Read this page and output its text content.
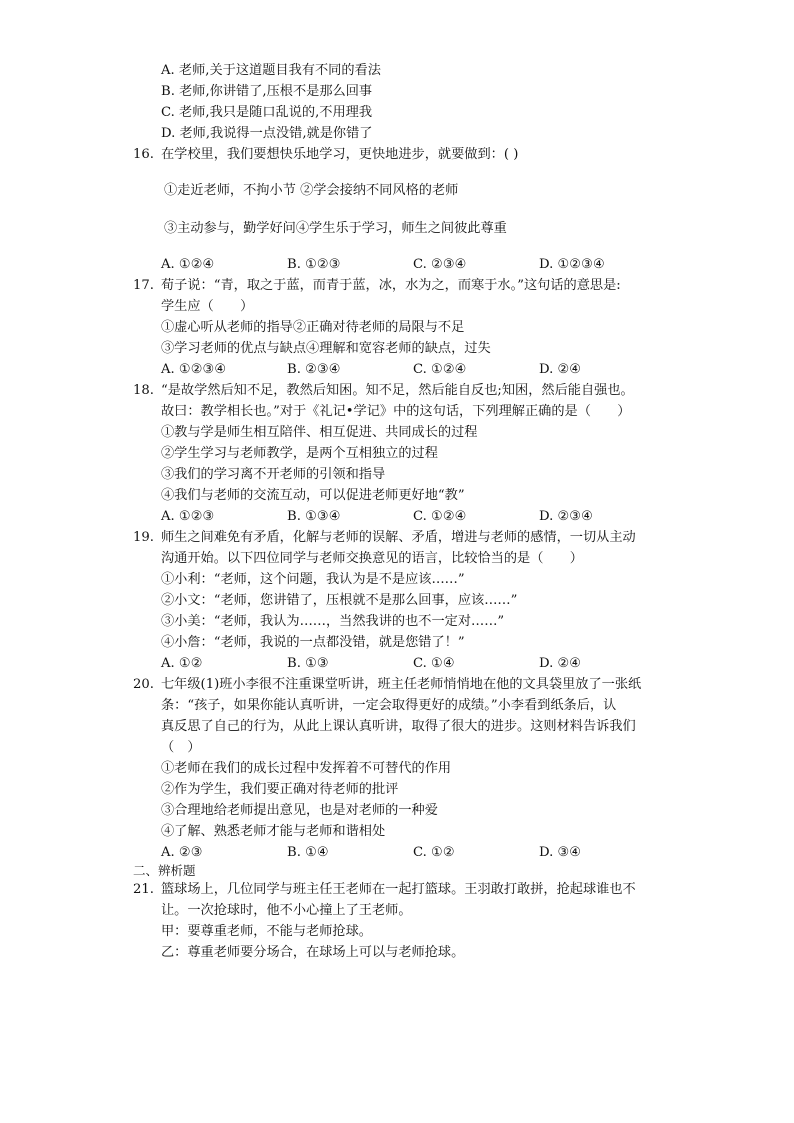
A. 老师,关于这道题目我有不同的看法
B. 老师,你讲错了,压根不是那么回事
C. 老师,我只是随口乱说的,不用理我
D. 老师,我说得一点没错,就是你错了
16. 在学校里，我们要想快乐地学习，更快地进步，就要做到：( )
①走近老师，不拘小节 ②学会接纳不同风格的老师
③主动参与，勤学好问④学生乐于学习，师生之间彼此尊重
A. ①②④	B. ①②③	C. ②③④	D. ①②③④
17. 荀子说：“青，取之于蓝，而青于蓝，冰，水为之，而寒于水。”这句话的意思是:
学生应（　　）
①虚心听从老师的指导②正确对待老师的局限与不足
③学习老师的优点与缺点④理解和宽容老师的缺点，过失
A. ①②③④	B. ②③④	C. ①②④	D. ②④
18. “是故学然后知不足，教然后知困。知不足，然后能自反也;知困，然后能自强也。
故曰：教学相长也。”对于《礼记•学记》中的这句话，下列理解正确的是（　　）
①教与学是师生相互陪伴、相互促进、共同成长的过程
②学生学习与老师教学，是两个互相独立的过程
③我们的学习离不开老师的引领和指导
④我们与老师的交流互动，可以促进老师更好地“教”
A. ①②③	B. ①③④	C. ①②④	D. ②③④
19. 师生之间难免有矛盾，化解与老师的误解、矛盾，增进与老师的感情，一切从主动
沟通开始。以下四位同学与老师交换意见的语言，比较恰当的是（　　）
①小利：“老师，这个问题，我认为是不是应该……”
②小文：“老师，您讲错了，压根就不是那么回事，应该……”
③小美：“老师，我认为……，当然我讲的也不一定对……”
④小詹：“老师，我说的一点都没错，就是您错了！”
A. ①②	B. ①③	C. ①④	D. ②④
20. 七年级(1)班小李很不注重课堂听讲，班主任老师悄悄地在他的文具袋里放了一张纸
条：“孩子，如果你能认真听讲，一定会取得更好的成绩。”小李看到纸条后，认
真反思了自己的行为，从此上课认真听讲，取得了很大的进步。这则材料告诉我们
（　）
①老师在我们的成长过程中发挥着不可替代的作用
②作为学生，我们要正确对待老师的批评
③合理地给老师提出意见，也是对老师的一种爱
④了解、熟悉老师才能与老师和谐相处
A. ②③	B. ①④	C. ①②	D. ③④
二、辨析题
21. 篮球场上，几位同学与班主任王老师在一起打篮球。王羽敢打敢拼，抢起球谁也不
让。一次抢球时，他不小心撞上了王老师。
甲：要尊重老师，不能与老师抢球。
乙：尊重老师要分场合，在球场上可以与老师抢球。
